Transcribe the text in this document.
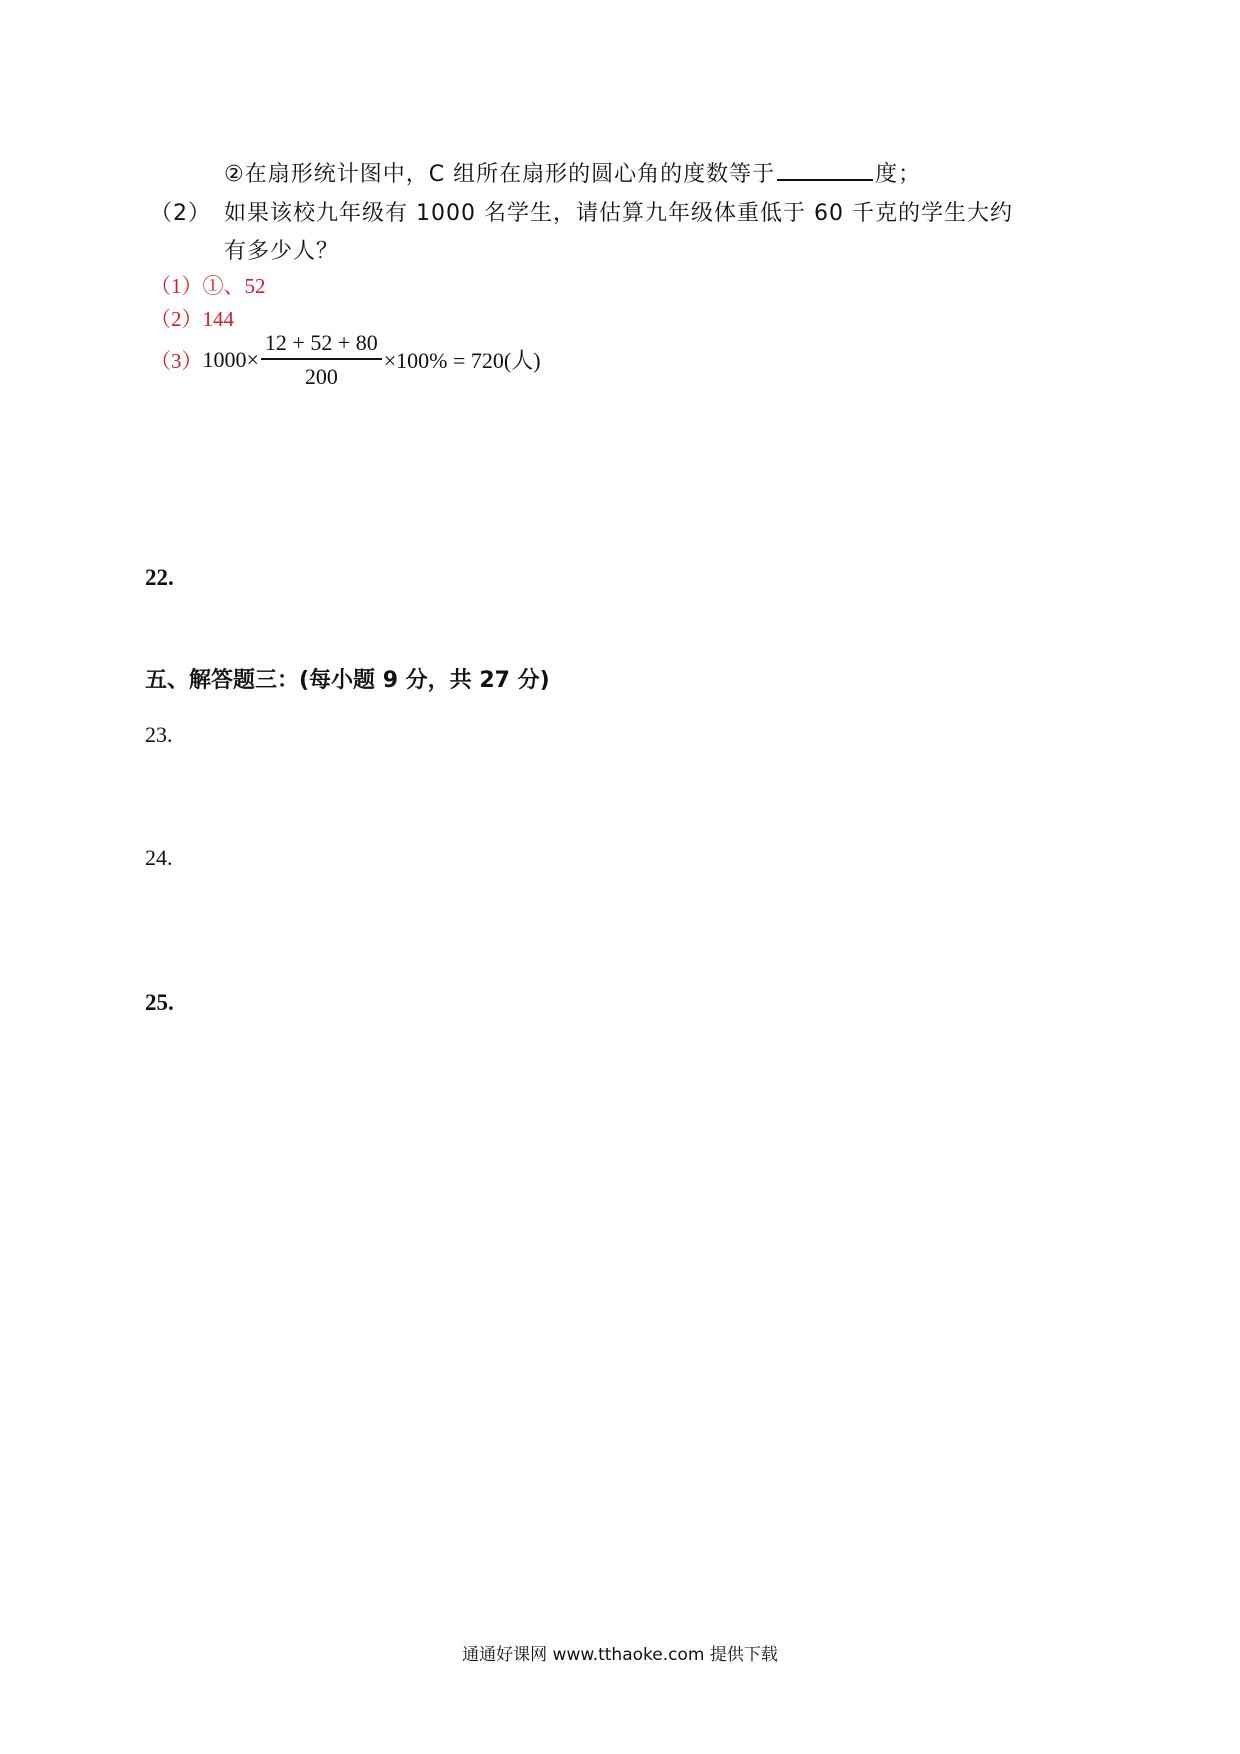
②在扇形统计图中，C 组所在扇形的圆心角的度数等于	度；
（2） 如果该校九年级有 1000 名学生，请估算九年级体重低于 60 千克的学生大约
有多少人？
（1）①、52
（2）144
（3） $1000\times \frac{12 + 52 + 80}{200} \times 100\% = 720$(人)
22.
五、解答题三：(每小题 9 分，共 27 分)
23.
24.
25.
通通好课网 www.tthaoke.com 提供下载
